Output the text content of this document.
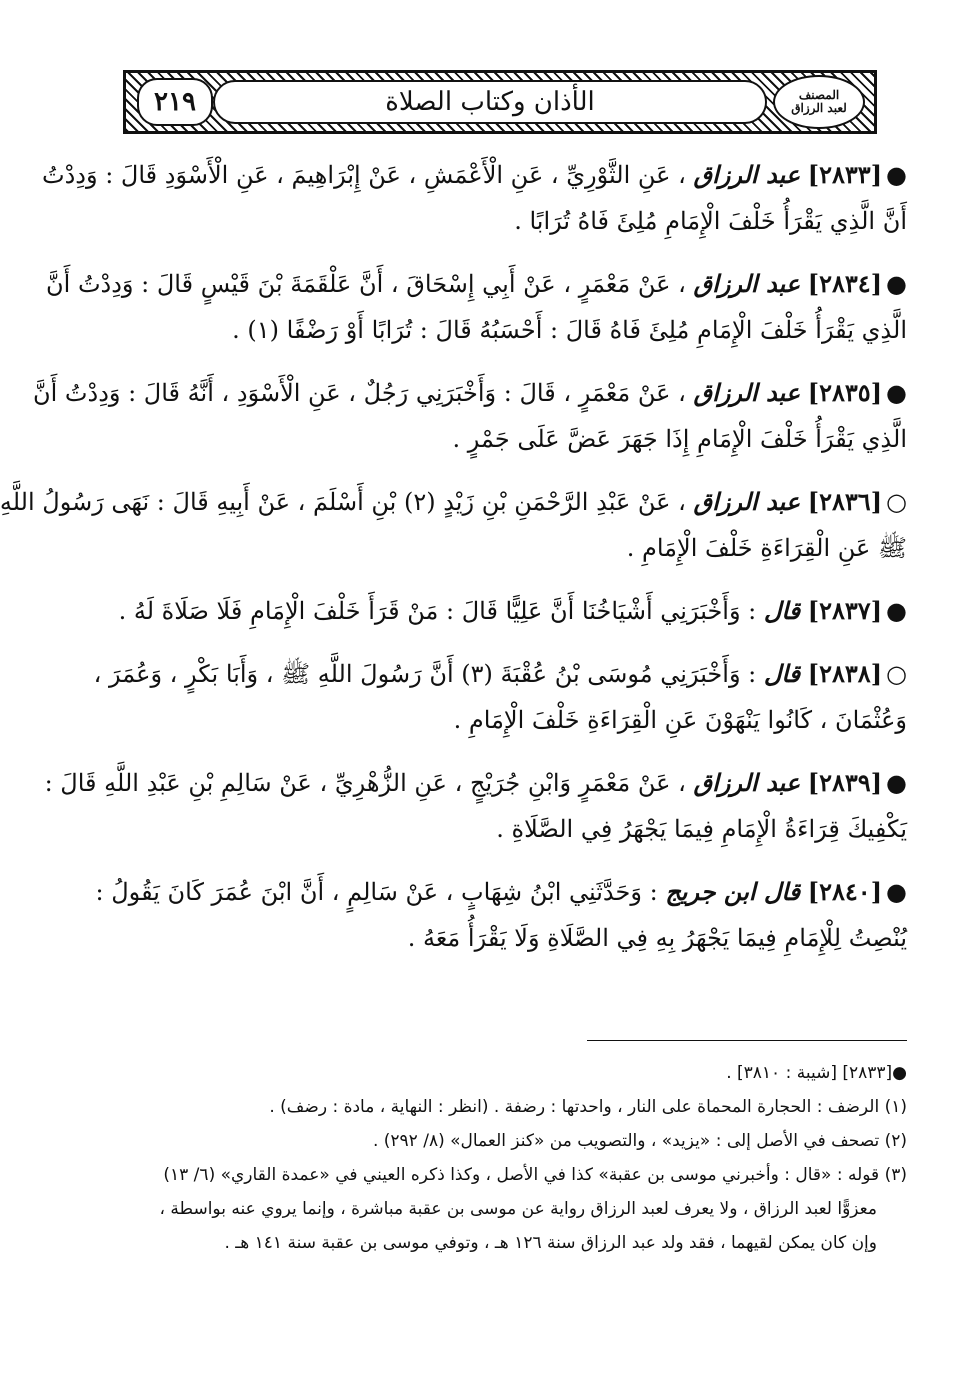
الأذان وكتاب الصلاة
٢١٩	المصنف
لعبد الرزاق
●[٢٨٣٣] عبد الرزاق ، عَنِ الثَّوْرِيِّ ، عَنِ الْأَعْمَشِ ، عَنْ إِبْرَاهِيمَ ، عَنِ الْأَسْوَدِ قَالَ : وَدِدْتُ
أَنَّ الَّذِي يَقْرَأُ خَلْفَ الْإِمَامِ مُلِئَ فَاهُ تُرَابًا .
●[٢٨٣٤] عبد الرزاق ، عَنْ مَعْمَرٍ ، عَنْ أَبِي إِسْحَاقَ ، أَنَّ عَلْقَمَةَ بْنَ قَيْسٍ قَالَ : وَدِدْتُ أَنَّ
الَّذِي يَقْرَأُ خَلْفَ الْإِمَامِ مُلِئَ فَاهُ قَالَ : أَحْسَبُهُ قَالَ : تُرَابًا أَوْ رَضْفًا (١) .
●[٢٨٣٥] عبد الرزاق ، عَنْ مَعْمَرٍ ، قَالَ : وَأَخْبَرَنِي رَجُلٌ ، عَنِ الْأَسْوَدِ ، أَنَّهُ قَالَ : وَدِدْتُ أَنَّ
الَّذِي يَقْرَأُ خَلْفَ الْإِمَامِ إِذَا جَهَرَ عَضَّ عَلَى جَمْرٍ .
○[٢٨٣٦] عبد الرزاق ، عَنْ عَبْدِ الرَّحْمَنِ بْنِ زَيْدٍ (٢) بْنِ أَسْلَمَ ، عَنْ أَبِيهِ قَالَ : نَهَى رَسُولُ اللَّهِ
ﷺ عَنِ الْقِرَاءَةِ خَلْفَ الْإِمَامِ .
●[٢٨٣٧] قال : وَأَخْبَرَنِي أَشْيَاخُنَا أَنَّ عَلِيًّا قَالَ : مَنْ قَرَأَ خَلْفَ الْإِمَامِ فَلَا صَلَاةَ لَهُ .
○[٢٨٣٨] قال : وَأَخْبَرَنِي مُوسَى بْنُ عُقْبَةَ (٣) أَنَّ رَسُولَ اللَّهِ ﷺ ، وَأَبَا بَكْرٍ ، وَعُمَرَ ،
وَعُثْمَانَ ، كَانُوا يَنْهَوْنَ عَنِ الْقِرَاءَةِ خَلْفَ الْإِمَامِ .
●[٢٨٣٩] عبد الرزاق ، عَنْ مَعْمَرٍ وَابْنِ جُرَيْجٍ ، عَنِ الزُّهْرِيِّ ، عَنْ سَالِمِ بْنِ عَبْدِ اللَّهِ قَالَ :
يَكْفِيكَ قِرَاءَةُ الْإِمَامِ فِيمَا يَجْهَرُ فِي الصَّلَاةِ .
●[٢٨٤٠] قال ابن جريج : وَحَدَّثَنِي ابْنُ شِهَابٍ ، عَنْ سَالِمٍ ، أَنَّ ابْنَ عُمَرَ كَانَ يَقُولُ :
يُنْصِتُ لِلْإِمَامِ فِيمَا يَجْهَرُ بِهِ فِي الصَّلَاةِ وَلَا يَقْرَأُ مَعَهُ .
●[٢٨٣٣] [شيبة : ٣٨١٠] .
(١) الرضف : الحجارة المحماة على النار ، واحدتها : رضفة . (انظر : النهاية ، مادة : رضف) .
(٢) تصحف في الأصل إلى : «يزيد» ، والتصويب من «كنز العمال» (٨/ ٢٩٢) .
(٣) قوله : «قال : وأخبرني موسى بن عقبة» كذا في الأصل ، وكذا ذكره العيني في «عمدة القاري» (٦/ ١٣)
معزوًّا لعبد الرزاق ، ولا يعرف لعبد الرزاق رواية عن موسى بن عقبة مباشرة ، وإنما يروي عنه بواسطة ،
وإن كان يمكن لقيهما ، فقد ولد عبد الرزاق سنة ١٢٦ هـ ، وتوفي موسى بن عقبة سنة ١٤١ هـ .
